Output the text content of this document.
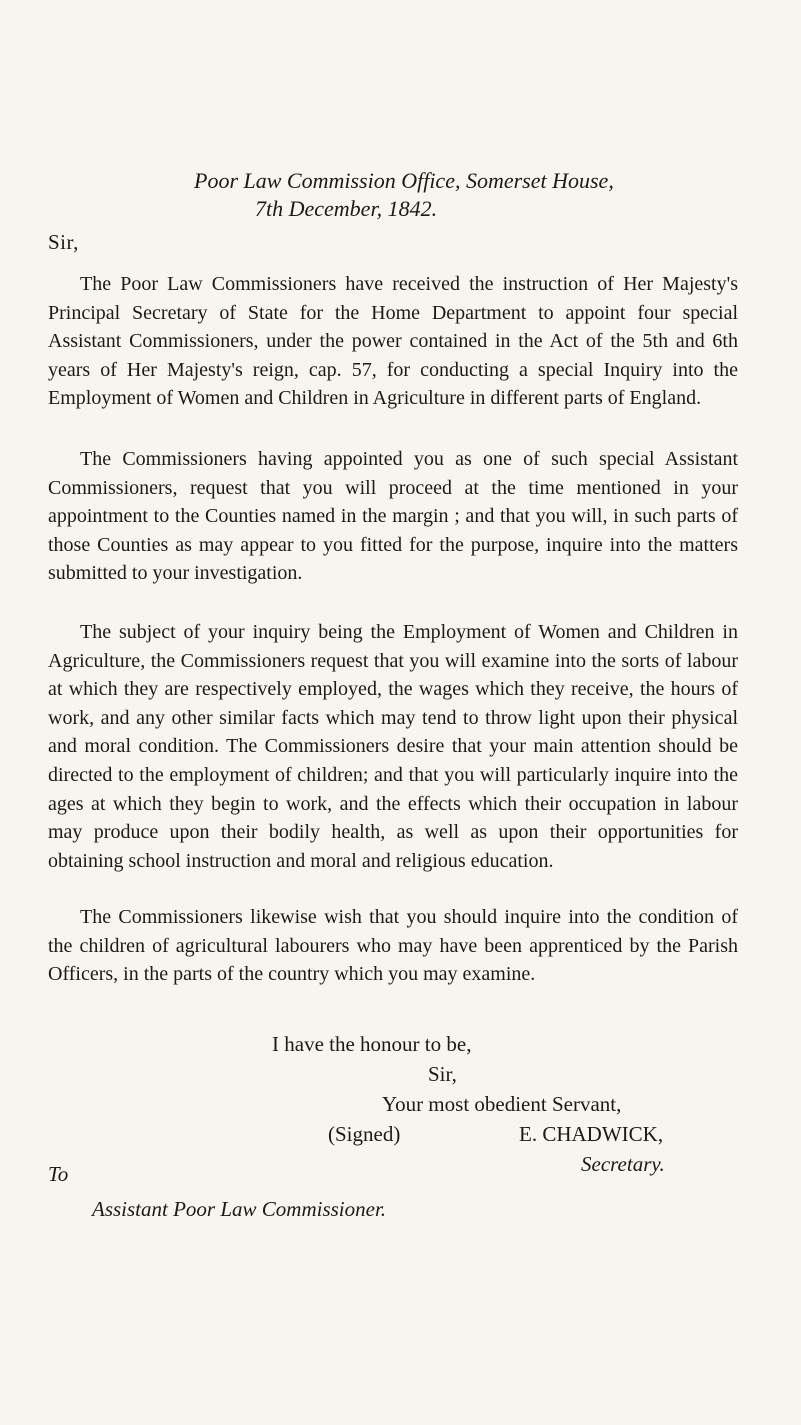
Poor Law Commission Office, Somerset House,
7th December, 1842.
Sir,
The Poor Law Commissioners have received the instruction of Her Majesty's Principal Secretary of State for the Home Department to appoint four special Assistant Commissioners, under the power contained in the Act of the 5th and 6th years of Her Majesty's reign, cap. 57, for conducting a special Inquiry into the Employment of Women and Children in Agriculture in different parts of England.
The Commissioners having appointed you as one of such special Assistant Commissioners, request that you will proceed at the time mentioned in your appointment to the Counties named in the margin ; and that you will, in such parts of those Counties as may appear to you fitted for the purpose, inquire into the matters submitted to your investigation.
The subject of your inquiry being the Employment of Women and Children in Agriculture, the Commissioners request that you will examine into the sorts of labour at which they are respectively employed, the wages which they receive, the hours of work, and any other similar facts which may tend to throw light upon their physical and moral condition. The Commissioners desire that your main attention should be directed to the employment of children; and that you will particularly inquire into the ages at which they begin to work, and the effects which their occupation in labour may produce upon their bodily health, as well as upon their opportunities for obtaining school instruction and moral and religious education.
The Commissioners likewise wish that you should inquire into the condition of the children of agricultural labourers who may have been apprenticed by the Parish Officers, in the parts of the country which you may examine.
I have the honour to be,
Sir,
Your most obedient Servant,
(Signed)	E. CHADWICK,
Secretary.
To
Assistant Poor Law Commissioner.
